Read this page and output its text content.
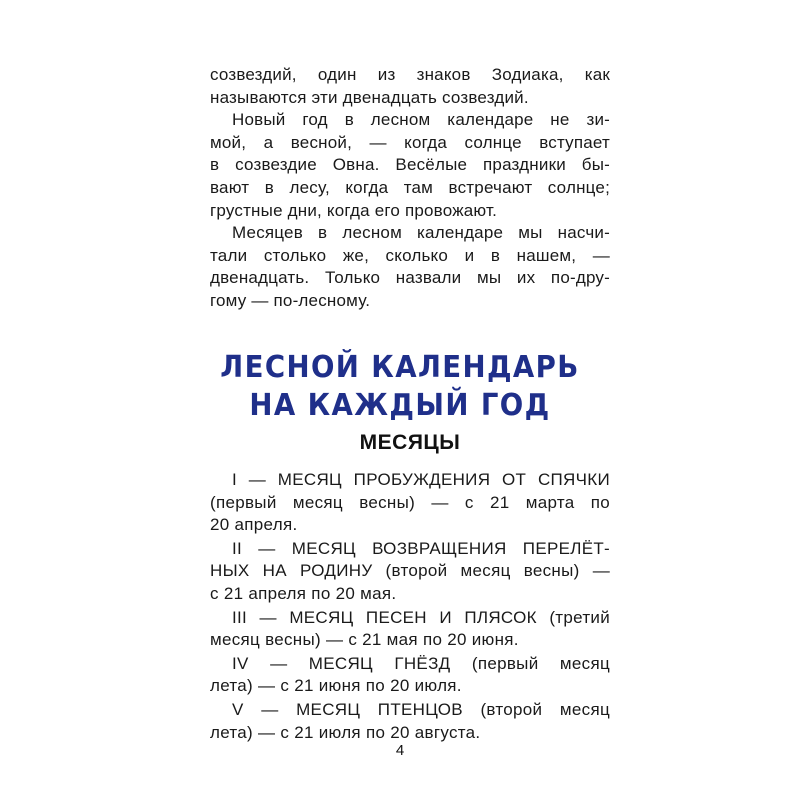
созвездий, один из знаков Зодиака, как
называются эти двенадцать созвездий.

Новый год в лесном календаре не зи-
мой, а весной, — когда солнце вступает
в созвездие Овна. Весёлые праздники бы-
вают в лесу, когда там встречают солнце;
грустные дни, когда его провожают.

Месяцев в лесном календаре мы насчи-
тали столько же, сколько и в нашем, —
двенадцать. Только назвали мы их по-дру-
гому — по-лесному.

ЛЕСНОЙ КАЛЕНДАРЬ
НА КАЖДЫЙ ГОД
МЕСЯЦЫ
I — МЕСЯЦ ПРОБУЖДЕНИЯ ОТ СПЯЧКИ
(первый месяц весны) — с 21 марта по
20 апреля.
II — МЕСЯЦ ВОЗВРАЩЕНИЯ ПЕРЕЛЁТ-
НЫХ НА РОДИНУ (второй месяц весны) —
с 21 апреля по 20 мая.
III — МЕСЯЦ ПЕСЕН И ПЛЯСОК (третий
месяц весны) — с 21 мая по 20 июня.
IV — МЕСЯЦ ГНЁЗД (первый месяц
лета) — с 21 июня по 20 июля.
V — МЕСЯЦ ПТЕНЦОВ (второй месяц
лета) — с 21 июля по 20 августа.
4
